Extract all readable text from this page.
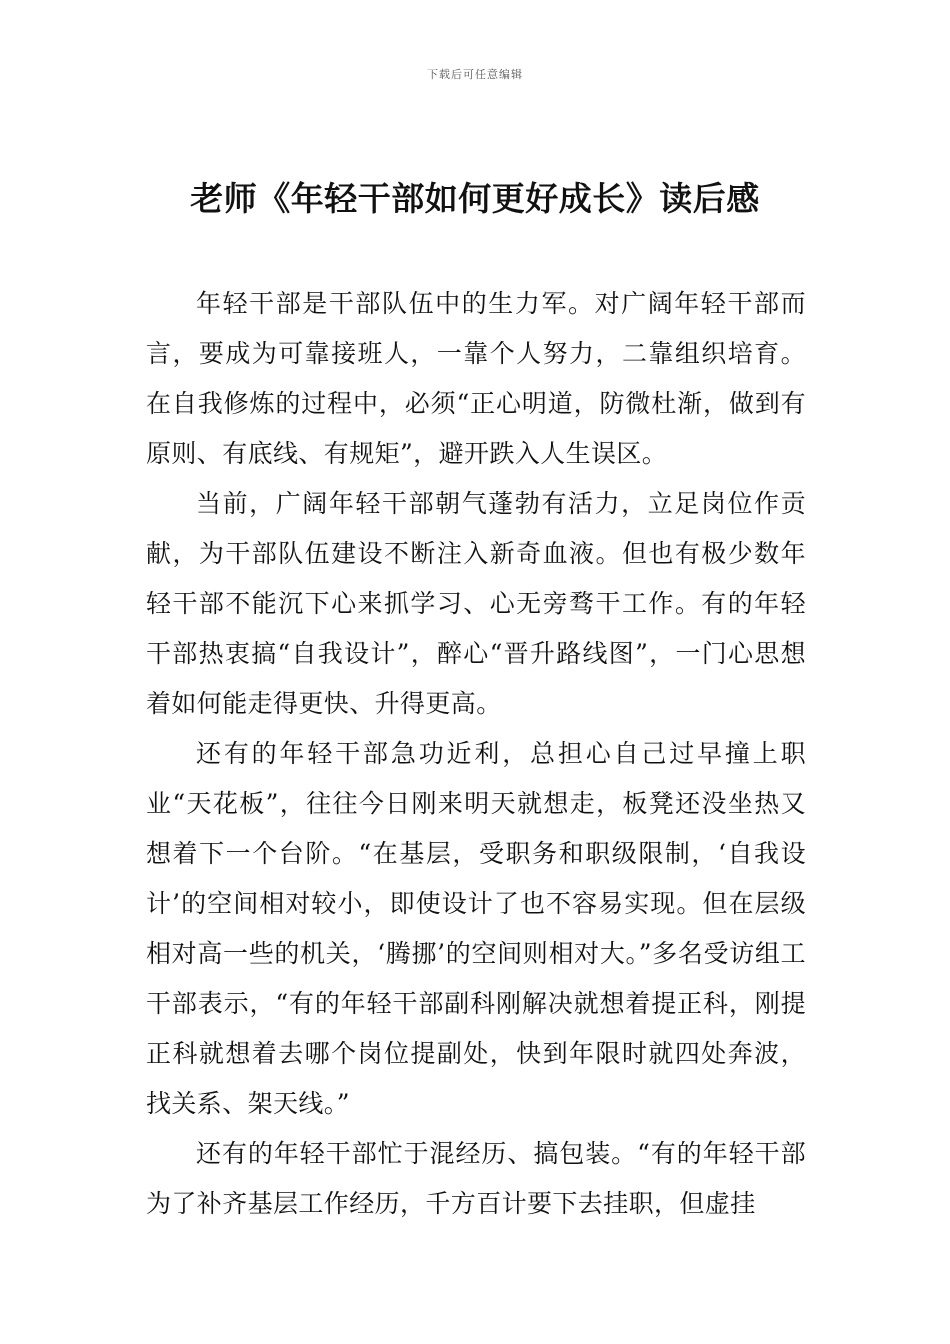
下载后可任意编辑
老师《年轻干部如何更好成长》读后感

年轻干部是干部队伍中的生力军。对广阔年轻干部而言，要成为可靠接班人，一靠个人努力，二靠组织培育。在自我修炼的过程中，必须“正心明道，防微杜渐，做到有原则、有底线、有规矩”，避开跌入人生误区。

当前，广阔年轻干部朝气蓬勃有活力，立足岗位作贡献，为干部队伍建设不断注入新奇血液。但也有极少数年轻干部不能沉下心来抓学习、心无旁骛干工作。有的年轻干部热衷搞“自我设计”，醉心“晋升路线图”，一门心思想着如何能走得更快、升得更高。

还有的年轻干部急功近利，总担心自己过早撞上职业“天花板”，往往今日刚来明天就想走，板凳还没坐热又想着下一个台阶。“在基层，受职务和职级限制，‘自我设计’的空间相对较小，即使设计了也不容易实现。但在层级相对高一些的机关，‘腾挪’的空间则相对大。”多名受访组工干部表示，“有的年轻干部副科刚解决就想着提正科，刚提正科就想着去哪个岗位提副处，快到年限时就四处奔波，找关系、架天线。”

还有的年轻干部忙于混经历、搞包装。“有的年轻干部为了补齐基层工作经历，千方百计要下去挂职，但虚挂
